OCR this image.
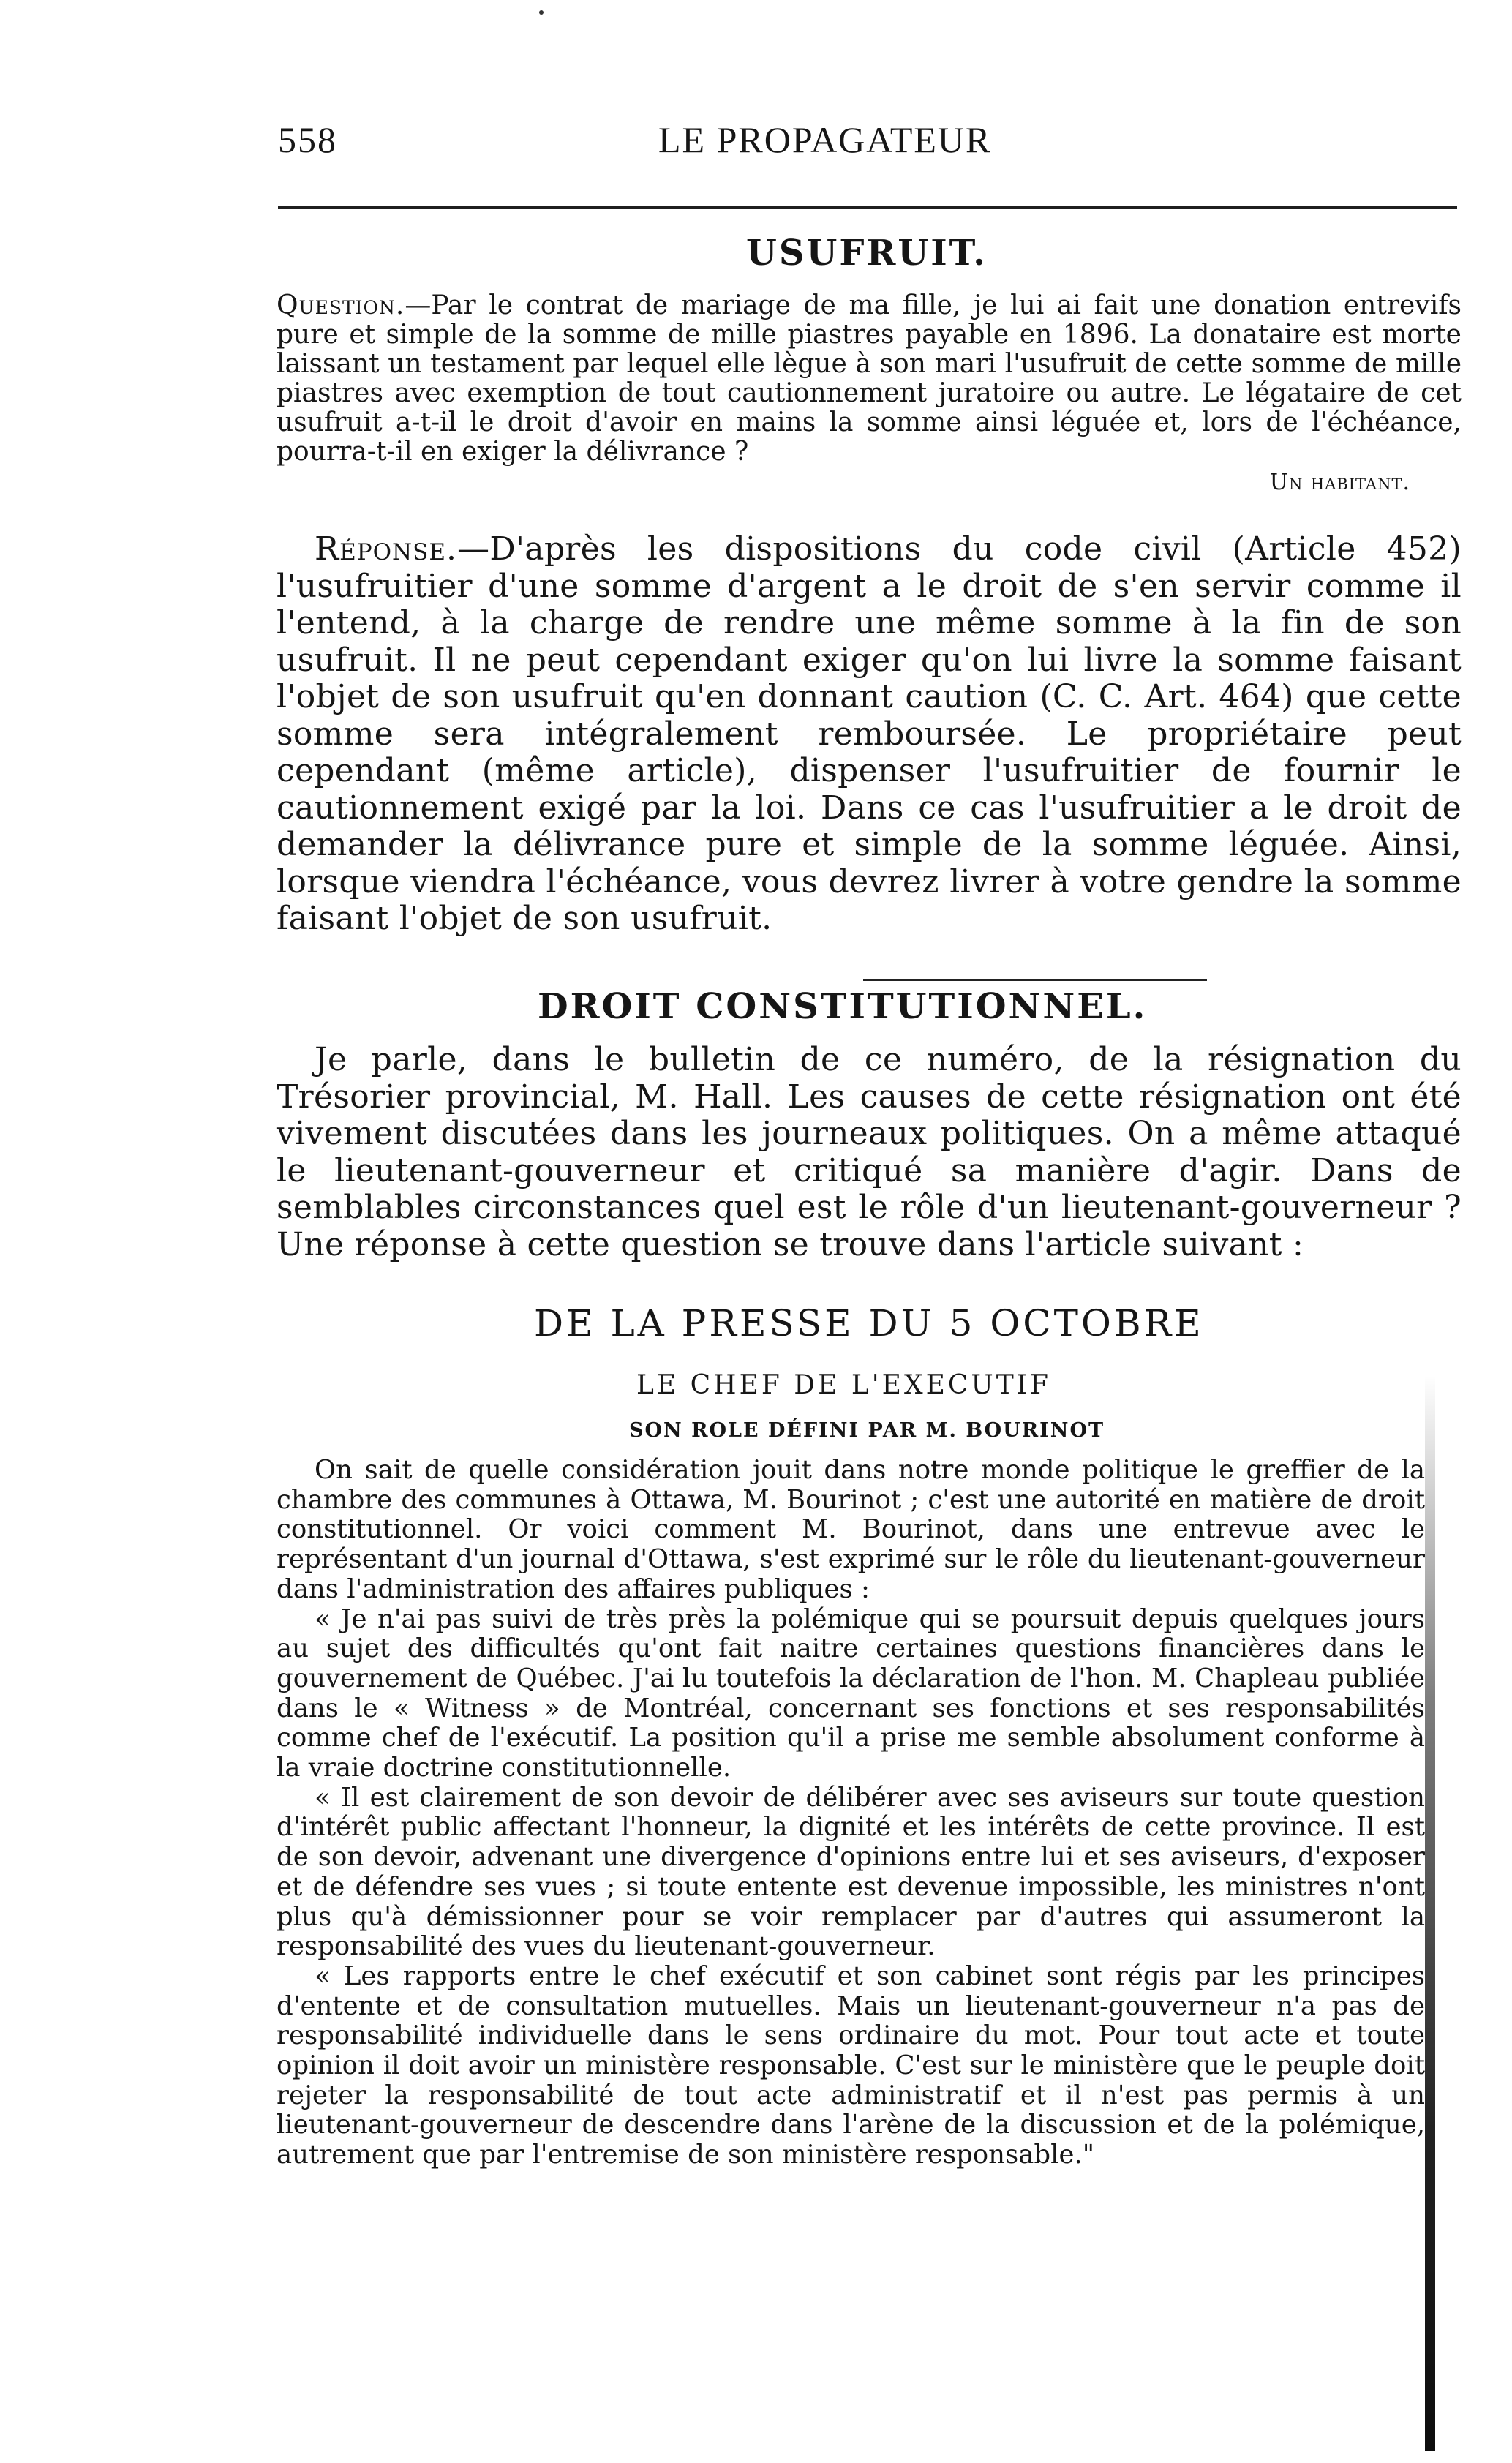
558	LE PROPAGATEUR
USUFRUIT.

Question.—Par le contrat de mariage de ma fille, je lui ai fait une donation entrevifs pure et simple de la somme de mille piastres payable en 1896. La donataire est morte laissant un testament par lequel elle lègue à son mari l'usufruit de cette somme de mille piastres avec exemption de tout cautionnement juratoire ou autre. Le légataire de cet usufruit a-t-il le droit d'avoir en mains la somme ainsi léguée et, lors de l'échéance, pourra-t-il en exiger la délivrance ?

Un habitant.

Réponse.—D'après les dispositions du code civil (Article 452) l'usufruitier d'une somme d'argent a le droit de s'en servir comme il l'entend, à la charge de rendre une même somme à la fin de son usufruit. Il ne peut cependant exiger qu'on lui livre la somme faisant l'objet de son usufruit qu'en donnant caution (C. C. Art. 464) que cette somme sera intégralement remboursée. Le propriétaire peut cependant (même article), dispenser l'usufruitier de fournir le cautionnement exigé par la loi. Dans ce cas l'usufruitier a le droit de demander la délivrance pure et simple de la somme léguée. Ainsi, lorsque viendra l'échéance, vous devrez livrer à votre gendre la somme faisant l'objet de son usufruit.

DROIT CONSTITUTIONNEL.

Je parle, dans le bulletin de ce numéro, de la résignation du Trésorier provincial, M. Hall. Les causes de cette résignation ont été vivement discutées dans les journeaux politiques. On a même attaqué le lieutenant-gouverneur et critiqué sa manière d'agir. Dans de semblables circonstances quel est le rôle d'un lieutenant-gouverneur ? Une réponse à cette question se trouve dans l'article suivant :

DE LA PRESSE DU 5 OCTOBRE
LE CHEF DE L'EXECUTIF
SON ROLE DÉFINI PAR M. BOURINOT

On sait de quelle considération jouit dans notre monde politique le greffier de la chambre des communes à Ottawa, M. Bourinot ; c'est une autorité en matière de droit constitutionnel. Or voici comment M. Bourinot, dans une entrevue avec le représentant d'un journal d'Ottawa, s'est exprimé sur le rôle du lieutenant-gouverneur dans l'administration des affaires publiques :

« Je n'ai pas suivi de très près la polémique qui se poursuit depuis quelques jours au sujet des difficultés qu'ont fait naitre certaines questions financières dans le gouvernement de Québec. J'ai lu toutefois la déclaration de l'hon. M. Chapleau publiée dans le « Witness » de Montréal, concernant ses fonctions et ses responsabilités comme chef de l'exécutif. La position qu'il a prise me semble absolument conforme à la vraie doctrine constitutionnelle.

« Il est clairement de son devoir de délibérer avec ses aviseurs sur toute question d'intérêt public affectant l'honneur, la dignité et les intérêts de cette province. Il est de son devoir, advenant une divergence d'opinions entre lui et ses aviseurs, d'exposer et de défendre ses vues ; si toute entente est devenue impossible, les ministres n'ont plus qu'à démissionner pour se voir remplacer par d'autres qui assumeront la responsabilité des vues du lieutenant-gouverneur.

« Les rapports entre le chef exécutif et son cabinet sont régis par les principes d'entente et de consultation mutuelles. Mais un lieutenant-gouverneur n'a pas de responsabilité individuelle dans le sens ordinaire du mot. Pour tout acte et toute opinion il doit avoir un ministère responsable. C'est sur le ministère que le peuple doit rejeter la responsabilité de tout acte administratif et il n'est pas permis à un lieutenant-gouverneur de descendre dans l'arène de la discussion et de la polémique, autrement que par l'entremise de son ministère responsable."
